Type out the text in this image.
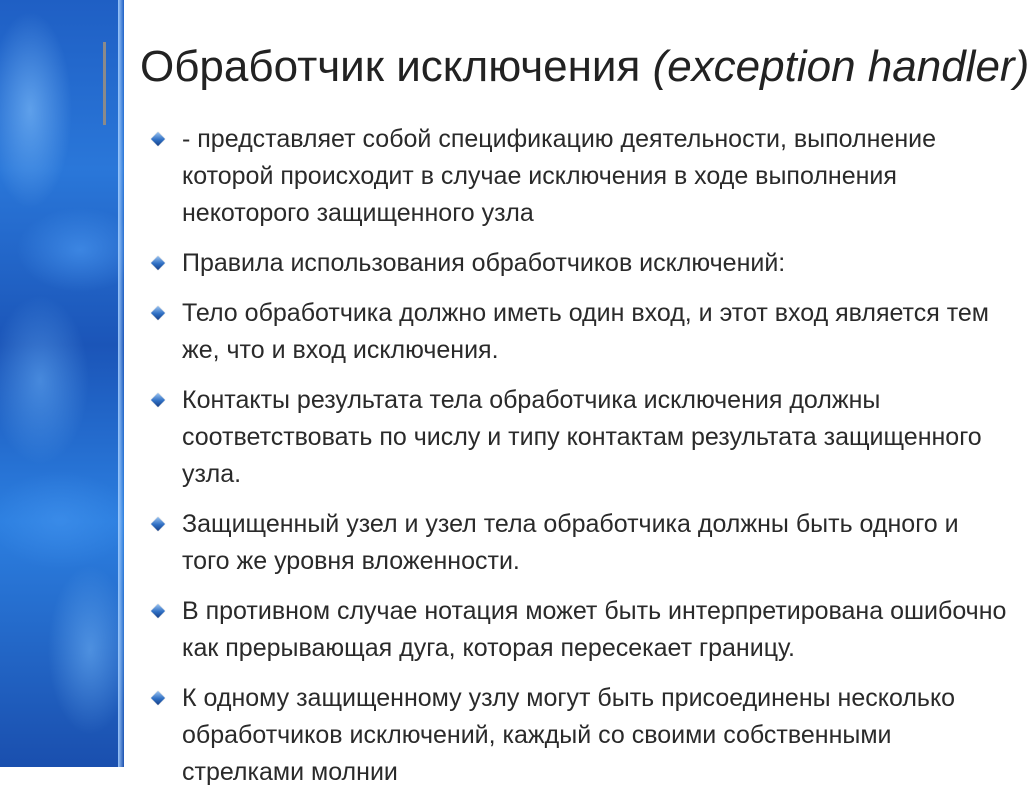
Обработчик исключения (exception handler)
- представляет собой спецификацию деятельности, выполнение которой происходит в случае исключения в ходе выполнения некоторого защищенного узла
Правила использования обработчиков исключений:
Тело обработчика должно иметь один вход, и этот вход является тем же, что и вход исключения.
Контакты результата тела обработчика исключения должны соответствовать по числу и типу контактам результата защищенного узла.
Защищенный узел и узел тела обработчика должны быть одного и того же уровня вложенности.
В противном случае нотация может быть интерпретирована ошибочно как прерывающая дуга, которая пересекает границу.
К одному защищенному узлу могут быть присоединены несколько обработчиков исключений, каждый со своими собственными стрелками молнии
